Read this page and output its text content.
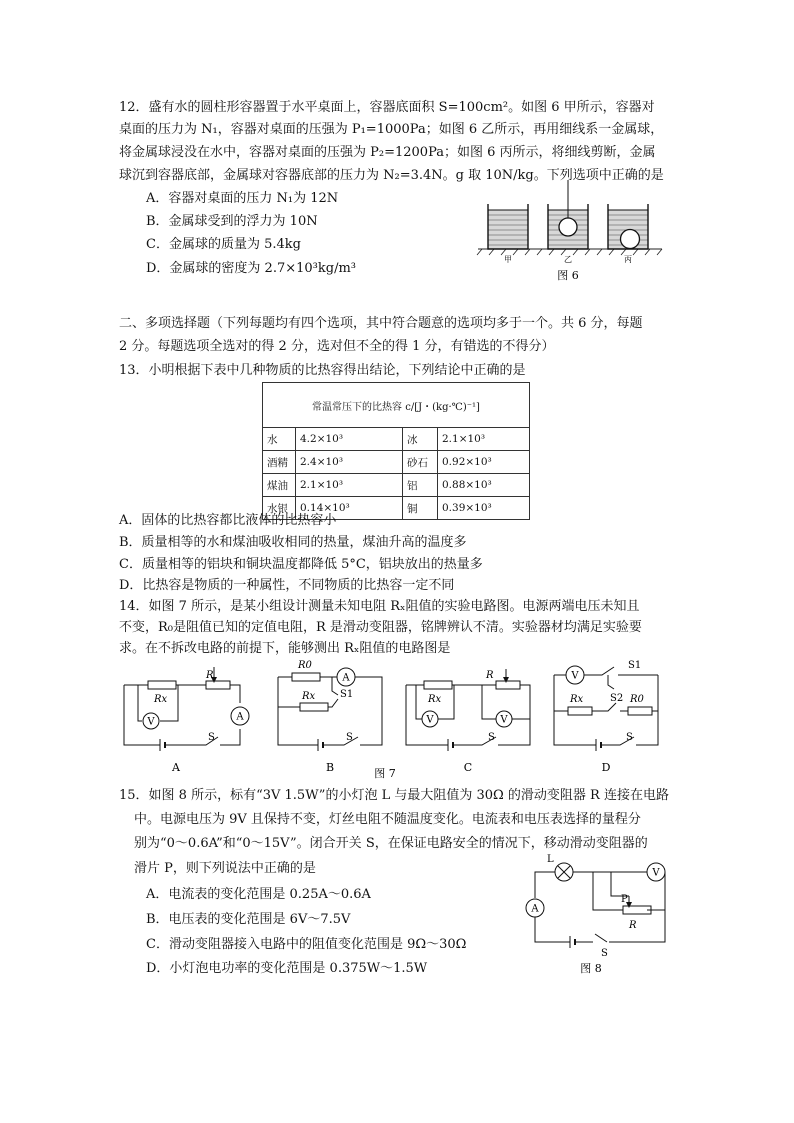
12．盛有水的圆柱形容器置于水平桌面上，容器底面积 S=100cm²。如图 6 甲所示，容器对
桌面的压力为 N₁，容器对桌面的压强为 P₁=1000Pa；如图 6 乙所示，再用细线系一金属球，
将金属球浸没在水中，容器对桌面的压强为 P₂=1200Pa；如图 6 丙所示，将细线剪断，金属
球沉到容器底部，金属球对容器底部的压力为 N₂=3.4N。g 取 10N/kg。下列选项中正确的是
A．容器对桌面的压力 N₁为 12N
B．金属球受到的浮力为 10N
C．金属球的质量为 5.4kg
D．金属球的密度为 2.7×10³kg/m³
甲	乙	丙
图 6
二、多项选择题（下列每题均有四个选项，其中符合题意的选项均多于一个。共 6 分，每题
2 分。每题选项全选对的得 2 分，选对但不全的得 1 分，有错选的不得分）
13．小明根据下表中几种物质的比热容得出结论，下列结论中正确的是
常温常压下的比热容 c/[J・(kg·℃)⁻¹]			
水	4.2×10³	冰	2.1×10³
酒精	2.4×10³	砂石	0.92×10³
煤油	2.1×10³	铝	0.88×10³
水银	0.14×10³	铜	0.39×10³
A．固体的比热容都比液体的比热容小
B．质量相等的水和煤油吸收相同的热量，煤油升高的温度多
C．质量相等的铝块和铜块温度都降低 5°C，铝块放出的热量多
D．比热容是物质的一种属性，不同物质的比热容一定不同
14．如图 7 所示，是某小组设计测量未知电阻 Rₓ阻值的实验电路图。电源两端电压未知且
不变，R₀是阻值已知的定值电阻，R 是滑动变阻器，铭牌辨认不清。实验器材均满足实验要
求。在不拆改电路的前提下，能够测出 Rₓ阻值的电路图是
V	A
Rx
R
S
A
A
R0
Rx S1
S
B
V	V
Rx
R
S
C
V
S1
S2 R0
Rx
S
D
图 7
15．如图 8 所示，标有“3V 1.5W”的小灯泡 L 与最大阻值为 30Ω 的滑动变阻器 R 连接在电路
中。电源电压为 9V 且保持不变，灯丝电阻不随温度变化。电流表和电压表选择的量程分
别为“0～0.6A”和“0～15V”。闭合开关 S，在保证电路安全的情况下，移动滑动变阻器的
滑片 P，则下列说法中正确的是
A．电流表的变化范围是 0.25A～0.6A
B．电压表的变化范围是 6V～7.5V
C．滑动变阻器接入电路中的阻值变化范围是 9Ω～30Ω
D．小灯泡电功率的变化范围是 0.375W～1.5W
V
A
L
P
R
S
图 8
